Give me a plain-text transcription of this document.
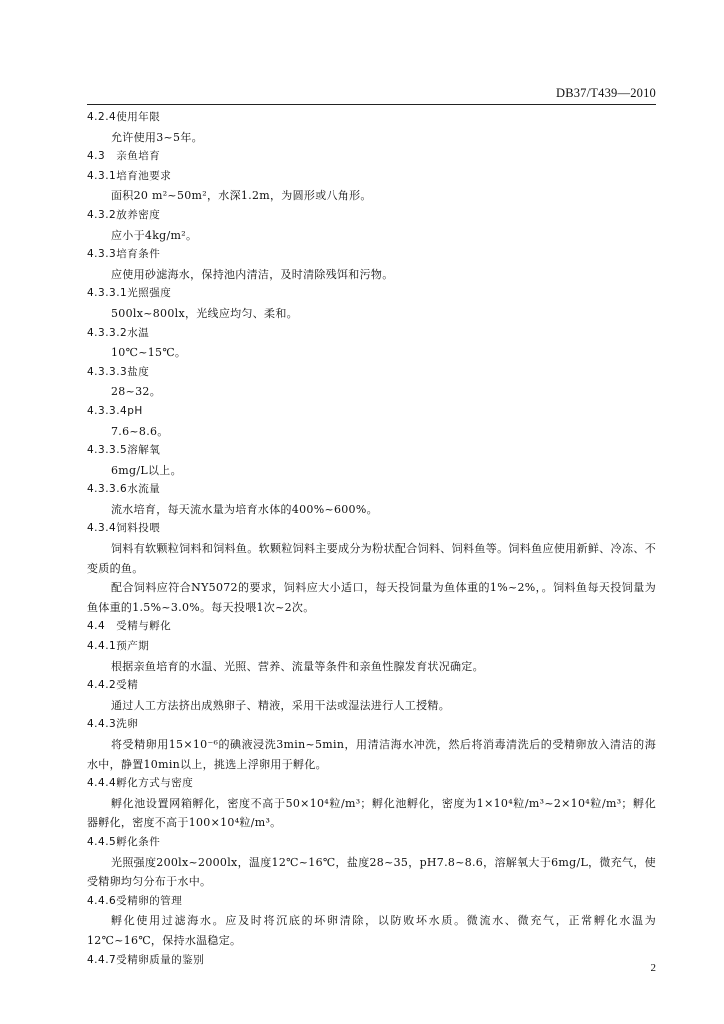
DB37/T439—2010
4.2.4使用年限

允许使用3~5年。

4.3　亲鱼培育
4.3.1培育池要求

面积20 m²~50m²，水深1.2m，为圆形或八角形。

4.3.2放养密度

应小于4kg/m²。

4.3.3培育条件

应使用砂滤海水，保持池内清洁，及时清除残饵和污物。

4.3.3.1光照强度

500lx~800lx，光线应均匀、柔和。

4.3.3.2水温

10℃~15℃。

4.3.3.3盐度

28~32。

4.3.3.4pH

7.6~8.6。

4.3.3.5溶解氧

6mg/L以上。

4.3.3.6水流量

流水培育，每天流水量为培育水体的400%~600%。

4.3.4饲料投喂

饲料有软颗粒饲料和饲料鱼。软颗粒饲料主要成分为粉状配合饲料、饲料鱼等。饲料鱼应使用新鲜、冷冻、不变质的鱼。

配合饲料应符合NY5072的要求，饲料应大小适口，每天投饲量为鱼体重的1%~2%，。饲料鱼每天投饲量为鱼体重的1.5%~3.0%。每天投喂1次~2次。

4.4　受精与孵化
4.4.1预产期

根据亲鱼培育的水温、光照、营养、流量等条件和亲鱼性腺发育状况确定。

4.4.2受精

通过人工方法挤出成熟卵子、精液，采用干法或湿法进行人工授精。

4.4.3洗卵

将受精卵用15×10⁻⁶的碘液浸洗3min~5min，用清洁海水冲洗，然后将消毒清洗后的受精卵放入清洁的海水中，静置10min以上，挑选上浮卵用于孵化。

4.4.4孵化方式与密度

孵化池设置网箱孵化，密度不高于50×10⁴粒/m³；孵化池孵化，密度为1×10⁴粒/m³~2×10⁴粒/m³；孵化器孵化，密度不高于100×10⁴粒/m³。

4.4.5孵化条件

光照强度200lx~2000lx，温度12℃~16℃，盐度28~35，pH7.8~8.6，溶解氧大于6mg/L，微充气，使受精卵均匀分布于水中。

4.4.6受精卵的管理

孵化使用过滤海水。应及时将沉底的坏卵清除，以防败坏水质。微流水、微充气，正常孵化水温为12℃~16℃，保持水温稳定。

4.4.7受精卵质量的鉴别
2
